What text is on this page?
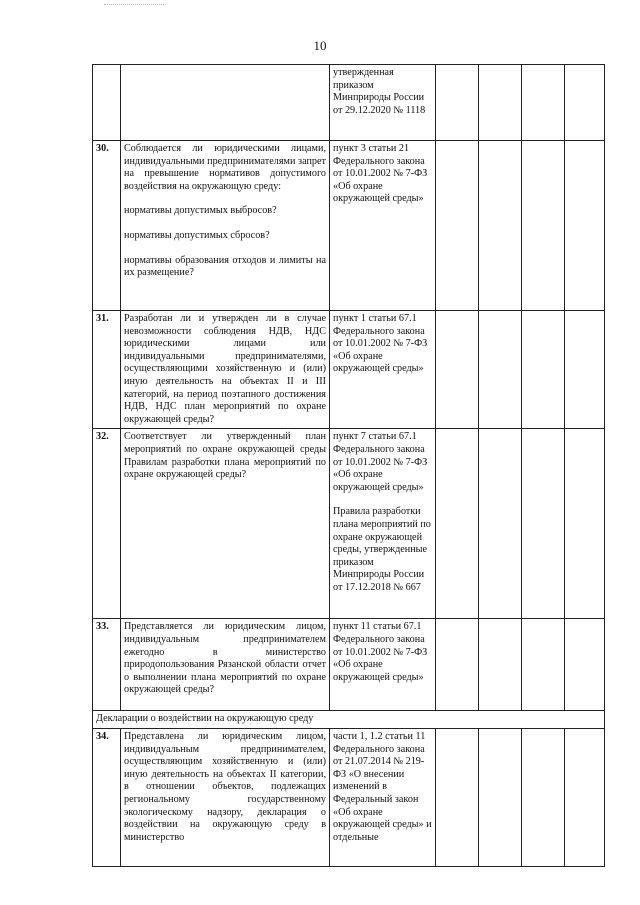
10

		утвержденная
приказом
Минприроды России
от 29.12.2020 № 1118				

30.	Соблюдается ли юридическими лицами, индивидуальными предпринимателями запрет на превышение нормативов допустимого воздействия на окружающую среду:

нормативы допустимых выбросов?

нормативы допустимых сбросов?

нормативы образования отходов и лимиты на их размещение?	пункт 3 статьи 21 Федерального закона от 10.01.2002 № 7-ФЗ «Об охране окружающей среды»				

31.	Разработан ли и утвержден ли в случае невозможности соблюдения НДВ, НДС юридическими лицами или индивидуальными предпринимателями, осуществляющими хозяйственную и (или) иную деятельность на объектах II и III категорий, на период поэтапного достижения НДВ, НДС план мероприятий по охране окружающей среды?	пункт 1 статьи 67.1 Федерального закона от 10.01.2002 № 7-ФЗ «Об охране окружающей среды»				

32.	Соответствует ли утвержденный план мероприятий по охране окружающей среды Правилам разработки плана мероприятий по охране окружающей среды?	пункт 7 статьи 67.1 Федерального закона от 10.01.2002 № 7-ФЗ «Об охране окружающей среды»
Правила разработки плана мероприятий по охране окружающей среды, утвержденные приказом Минприроды России от 17.12.2018 № 667				

33.	Представляется ли юридическим лицом, индивидуальным предпринимателем ежегодно в министерство природопользования Рязанской области отчет о выполнении плана мероприятий по охране окружающей среды?	пункт 11 статьи 67.1 Федерального закона от 10.01.2002 № 7-ФЗ «Об охране окружающей среды»				

Декларации о воздействии на окружающую среду						
34.	Представлена ли юридическим лицом, индивидуальным предпринимателем, осуществляющим хозяйственную и (или) иную деятельность на объектах II категории, в отношении объектов, подлежащих региональному государственному экологическому надзору, декларация о воздействии на окружающую среду в министерство	части 1, 1.2 статьи 11 Федерального закона от 21.07.2014 № 219-ФЗ «О внесении изменений в Федеральный закон «Об охране окружающей среды» и отдельные				
